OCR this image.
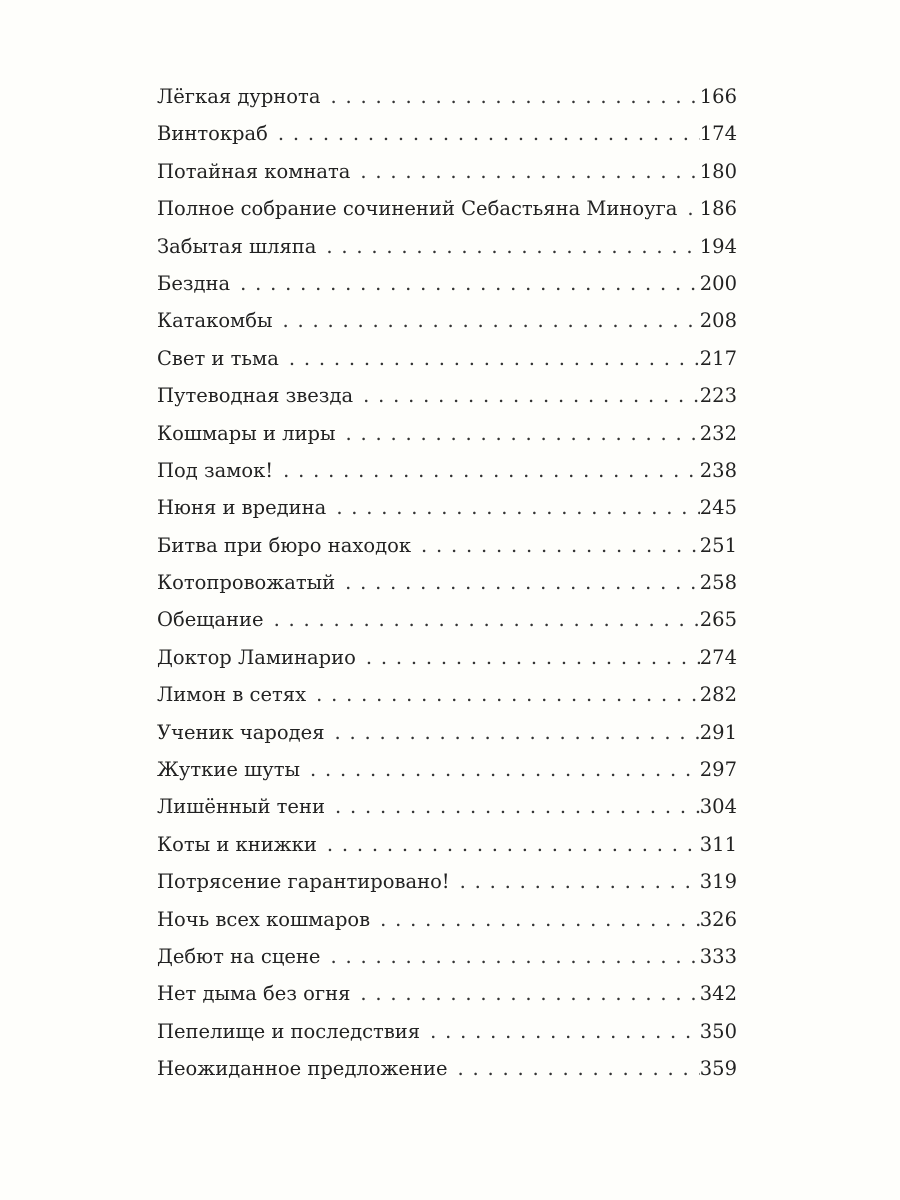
Лёгкая дурнота . . .	166
Винтокраб . . .	174
Потайная комната . . .	180
Полное собрание сочинений Себастьяна Миноуга . . .	186
Забытая шляпа . . .	194
Бездна . . .	200
Катакомбы . . .	208
Свет и тьма . . .	217
Путеводная звезда . . .	223
Кошмары и лиры . . .	232
Под замок! . . .	238
Нюня и вредина . . .	245
Битва при бюро находок . . .	251
Котопровожатый . . .	258
Обещание . . .	265
Доктор Ламинарио . . .	274
Лимон в сетях . . .	282
Ученик чародея . . .	291
Жуткие шуты . . .	297
Лишённый тени . . .	304
Коты и книжки . . .	311
Потрясение гарантировано! . . .	319
Ночь всех кошмаров . . .	326
Дебют на сцене . . .	333
Нет дыма без огня . . .	342
Пепелище и последствия . . .	350
Неожиданное предложение . . .	359
